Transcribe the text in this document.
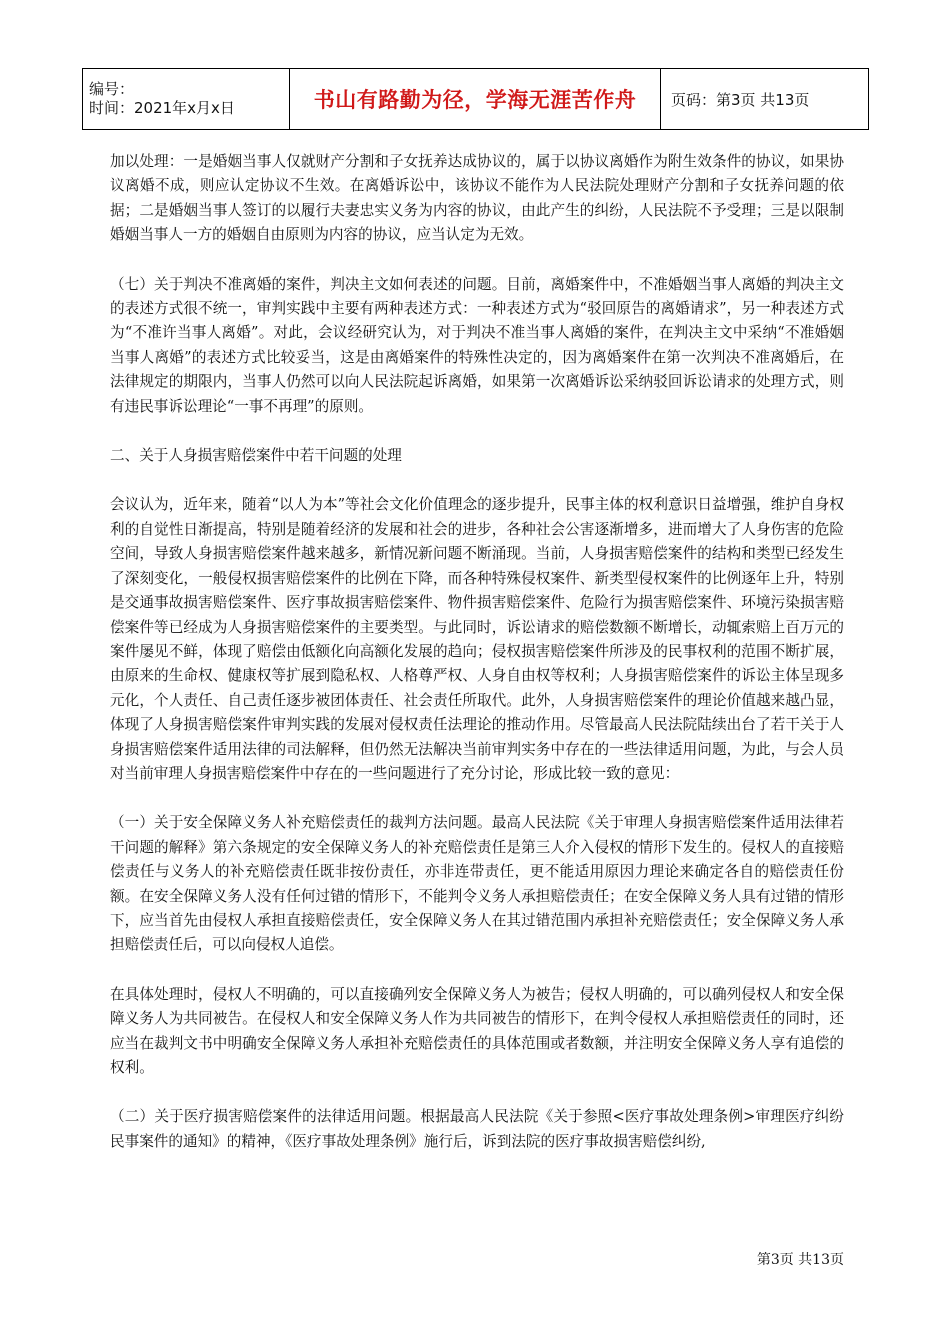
编号：
时间：2021年x月x日	书山有路勤为径，学海无涯苦作舟	页码：第3页 共13页

加以处理：一是婚姻当事人仅就财产分割和子女抚养达成协议的，属于以协议离婚作为附生效条件的协议，如果协议离婚不成，则应认定协议不生效。在离婚诉讼中，该协议不能作为人民法院处理财产分割和子女抚养问题的依据；二是婚姻当事人签订的以履行夫妻忠实义务为内容的协议，由此产生的纠纷，人民法院不予受理；三是以限制婚姻当事人一方的婚姻自由原则为内容的协议，应当认定为无效。

（七）关于判决不准离婚的案件，判决主文如何表述的问题。目前，离婚案件中，不准婚姻当事人离婚的判决主文的表述方式很不统一，审判实践中主要有两种表述方式：一种表述方式为“驳回原告的离婚请求”，另一种表述方式为“不准许当事人离婚”。对此，会议经研究认为，对于判决不准当事人离婚的案件，在判决主文中采纳“不准婚姻当事人离婚”的表述方式比较妥当，这是由离婚案件的特殊性决定的，因为离婚案件在第一次判决不准离婚后，在法律规定的期限内，当事人仍然可以向人民法院起诉离婚，如果第一次离婚诉讼采纳驳回诉讼请求的处理方式，则有违民事诉讼理论“一事不再理”的原则。

二、关于人身损害赔偿案件中若干问题的处理

会议认为，近年来，随着“以人为本”等社会文化价值理念的逐步提升，民事主体的权利意识日益增强，维护自身权利的自觉性日渐提高，特别是随着经济的发展和社会的进步，各种社会公害逐渐增多，进而增大了人身伤害的危险空间，导致人身损害赔偿案件越来越多，新情况新问题不断涌现。当前，人身损害赔偿案件的结构和类型已经发生了深刻变化，一般侵权损害赔偿案件的比例在下降，而各种特殊侵权案件、新类型侵权案件的比例逐年上升，特别是交通事故损害赔偿案件、医疗事故损害赔偿案件、物件损害赔偿案件、危险行为损害赔偿案件、环境污染损害赔偿案件等已经成为人身损害赔偿案件的主要类型。与此同时，诉讼请求的赔偿数额不断增长，动辄索赔上百万元的案件屡见不鲜，体现了赔偿由低额化向高额化发展的趋向；侵权损害赔偿案件所涉及的民事权利的范围不断扩展，由原来的生命权、健康权等扩展到隐私权、人格尊严权、人身自由权等权利；人身损害赔偿案件的诉讼主体呈现多元化，个人责任、自己责任逐步被团体责任、社会责任所取代。此外，人身损害赔偿案件的理论价值越来越凸显，体现了人身损害赔偿案件审判实践的发展对侵权责任法理论的推动作用。尽管最高人民法院陆续出台了若干关于人身损害赔偿案件适用法律的司法解释，但仍然无法解决当前审判实务中存在的一些法律适用问题，为此，与会人员对当前审理人身损害赔偿案件中存在的一些问题进行了充分讨论，形成比较一致的意见：

（一）关于安全保障义务人补充赔偿责任的裁判方法问题。最高人民法院《关于审理人身损害赔偿案件适用法律若干问题的解释》第六条规定的安全保障义务人的补充赔偿责任是第三人介入侵权的情形下发生的。侵权人的直接赔偿责任与义务人的补充赔偿责任既非按份责任，亦非连带责任，更不能适用原因力理论来确定各自的赔偿责任份额。在安全保障义务人没有任何过错的情形下，不能判令义务人承担赔偿责任；在安全保障义务人具有过错的情形下，应当首先由侵权人承担直接赔偿责任，安全保障义务人在其过错范围内承担补充赔偿责任；安全保障义务人承担赔偿责任后，可以向侵权人追偿。

在具体处理时，侵权人不明确的，可以直接确列安全保障义务人为被告；侵权人明确的，可以确列侵权人和安全保障义务人为共同被告。在侵权人和安全保障义务人作为共同被告的情形下，在判令侵权人承担赔偿责任的同时，还应当在裁判文书中明确安全保障义务人承担补充赔偿责任的具体范围或者数额，并注明安全保障义务人享有追偿的权利。

（二）关于医疗损害赔偿案件的法律适用问题。根据最高人民法院《关于参照<医疗事故处理条例>审理医疗纠纷民事案件的通知》的精神，《医疗事故处理条例》施行后，诉到法院的医疗事故损害赔偿纠纷,

第3页 共13页
